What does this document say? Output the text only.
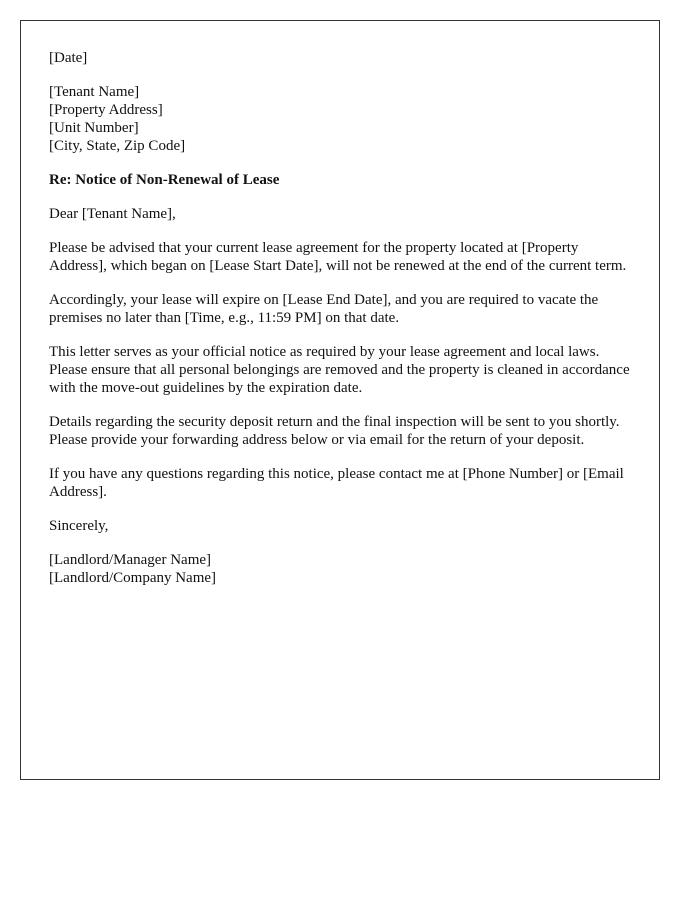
[Date]
[Tenant Name]
[Property Address]
[Unit Number]
[City, State, Zip Code]

Re: Notice of Non-Renewal of Lease

Dear [Tenant Name],

Please be advised that your current lease agreement for the property located at [Property Address], which began on [Lease Start Date], will not be renewed at the end of the current term.

Accordingly, your lease will expire on [Lease End Date], and you are required to vacate the premises no later than [Time, e.g., 11:59 PM] on that date.

This letter serves as your official notice as required by your lease agreement and local laws. Please ensure that all personal belongings are removed and the property is cleaned in accordance with the move-out guidelines by the expiration date.

Details regarding the security deposit return and the final inspection will be sent to you shortly. Please provide your forwarding address below or via email for the return of your deposit.

If you have any questions regarding this notice, please contact me at [Phone Number] or [Email Address].

Sincerely,

[Landlord/Manager Name]
[Landlord/Company Name]
